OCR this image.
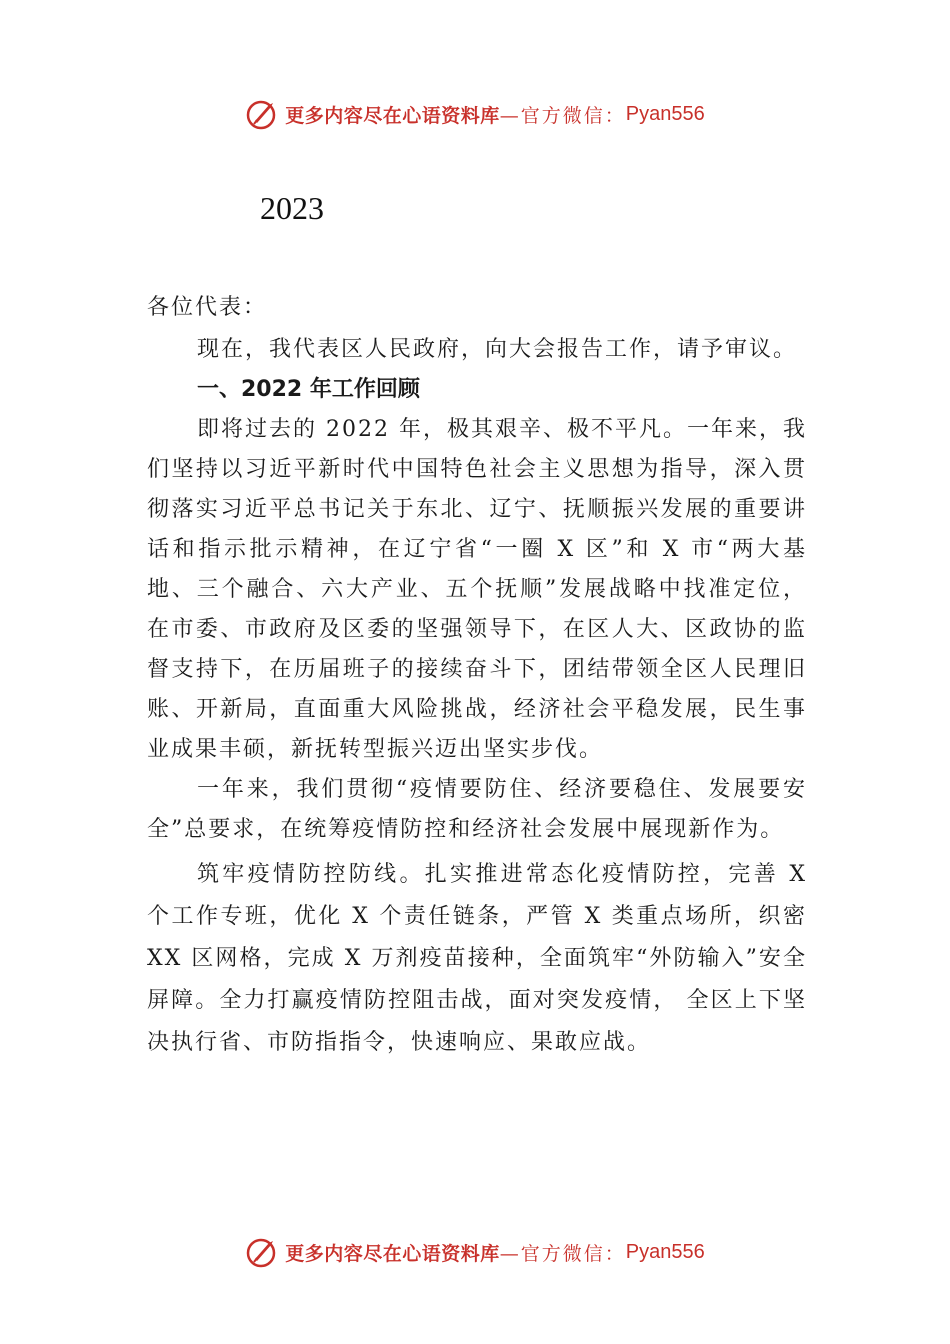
更多内容尽在心语资料库 —官方微信： Pyan556
2023

各位代表：

现在，我代表区人民政府，向大会报告工作，请予审议。

一、2022 年工作回顾

即将过去的 2022 年，极其艰辛、极不平凡。一年来，我们坚持以习近平新时代中国特色社会主义思想为指导，深入贯彻落实习近平总书记关于东北、辽宁、抚顺振兴发展的重要讲话和指示批示精神，在辽宁省“一圈 X 区”和 X 市“两大基地、三个融合、六大产业、五个抚顺”发展战略中找准定位，在市委、市政府及区委的坚强领导下，在区人大、区政协的监督支持下，在历届班子的接续奋斗下，团结带领全区人民理旧账、开新局，直面重大风险挑战，经济社会平稳发展，民生事业成果丰硕，新抚转型振兴迈出坚实步伐。

一年来，我们贯彻“疫情要防住、经济要稳住、发展要安全”总要求，在统筹疫情防控和经济社会发展中展现新作为。

筑牢疫情防控防线。扎实推进常态化疫情防控，完善 X 个工作专班，优化 X 个责任链条，严管 X 类重点场所，织密 XX 区网格，完成 X 万剂疫苗接种，全面筑牢“外防输入”安全屏障。全力打赢疫情防控阻击战，面对突发疫情， 全区上下坚决执行省、市防指指令，快速响应、果敢应战。

更多内容尽在心语资料库 —官方微信： Pyan556
